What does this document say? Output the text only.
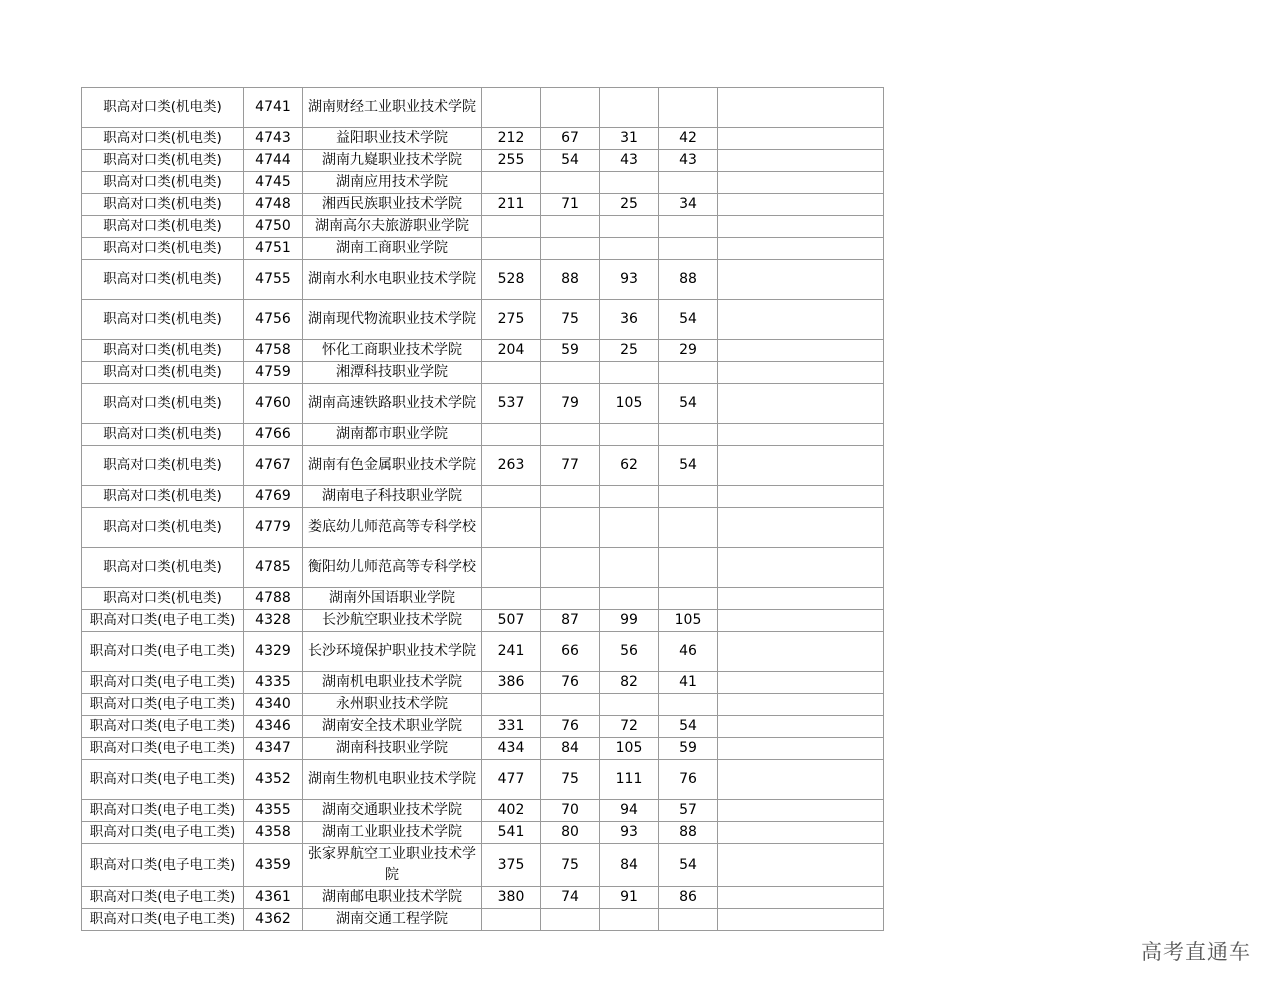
职高对口类(机电类)	4741	湖南财经工业职业技术学院					
职高对口类(机电类)	4743	益阳职业技术学院	212	67	31	42	
职高对口类(机电类)	4744	湖南九嶷职业技术学院	255	54	43	43	
职高对口类(机电类)	4745	湖南应用技术学院					
职高对口类(机电类)	4748	湘西民族职业技术学院	211	71	25	34	
职高对口类(机电类)	4750	湖南高尔夫旅游职业学院					
职高对口类(机电类)	4751	湖南工商职业学院					
职高对口类(机电类)	4755	湖南水利水电职业技术学院	528	88	93	88	
职高对口类(机电类)	4756	湖南现代物流职业技术学院	275	75	36	54	
职高对口类(机电类)	4758	怀化工商职业技术学院	204	59	25	29	
职高对口类(机电类)	4759	湘潭科技职业学院					
职高对口类(机电类)	4760	湖南高速铁路职业技术学院	537	79	105	54	
职高对口类(机电类)	4766	湖南都市职业学院					
职高对口类(机电类)	4767	湖南有色金属职业技术学院	263	77	62	54	
职高对口类(机电类)	4769	湖南电子科技职业学院					
职高对口类(机电类)	4779	娄底幼儿师范高等专科学校					
职高对口类(机电类)	4785	衡阳幼儿师范高等专科学校					
职高对口类(机电类)	4788	湖南外国语职业学院					
职高对口类(电子电工类)	4328	长沙航空职业技术学院	507	87	99	105	
职高对口类(电子电工类)	4329	长沙环境保护职业技术学院	241	66	56	46	
职高对口类(电子电工类)	4335	湖南机电职业技术学院	386	76	82	41	
职高对口类(电子电工类)	4340	永州职业技术学院					
职高对口类(电子电工类)	4346	湖南安全技术职业学院	331	76	72	54	
职高对口类(电子电工类)	4347	湖南科技职业学院	434	84	105	59	
职高对口类(电子电工类)	4352	湖南生物机电职业技术学院	477	75	111	76	
职高对口类(电子电工类)	4355	湖南交通职业技术学院	402	70	94	57	
职高对口类(电子电工类)	4358	湖南工业职业技术学院	541	80	93	88	
职高对口类(电子电工类)	4359	张家界航空工业职业技术学院	375	75	84	54	
职高对口类(电子电工类)	4361	湖南邮电职业技术学院	380	74	91	86	
职高对口类(电子电工类)	4362	湖南交通工程学院					
高考直通车
